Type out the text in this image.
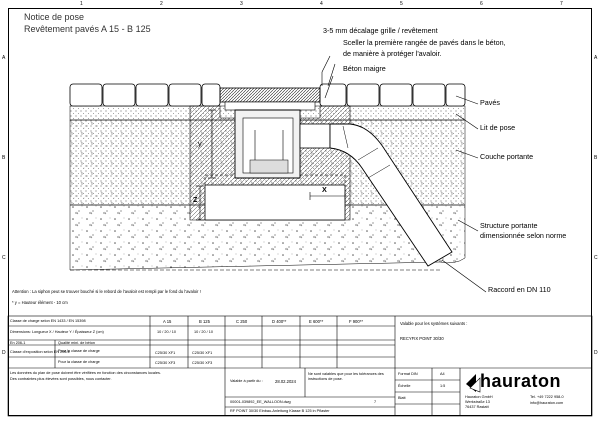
1	2	3	4	5	6	7
A
B
C
D
A
B
C
D
Notice de pose
Revêtement pavés A 15 - B 125	3-5 mm décalage grille / revêtement
Sceller la première rangée de pavés dans le béton,
de manière à protéger l'avaloir.
Béton maigre
Pavés
Lit de pose
Couche portante
Structure portante
dimensionnée selon norme
Raccord en DN 110
y
Z
X
Attention : La siphon peut se trouver bouché si le rebord de l'avaloir est rempli par le fond du l'avaloir !
* y = Hauteur élément - 10 cm
Classe de charge selon EN 1433 / EN 15398	A 15	B 125	C 250	D 400**	E 600**	F 900**
Dimensions: Longueur X / Hauteur Y / Épaisseur Z (cm)	10 / 20 / 10	10 / 20 / 10
En 206-1	Qualité mini. de béton
Classe d'exposition selon EN 206-1
Pour la classe de charge	C25/30 XF1	C25/30 XF1
Pour la classe de charge	C25/30 XF3	C25/30 XF3
Valable pour les systèmes suivants :
RECYFIX POINT 30/30
Les données du plan de pose doivent être vérifiées en fonction des circonstances locales.
Des contraintes plus élevées sont possibles, nous contacter.	Valable à partir du :	28.02.2024
Ne sont valables que pour les tolérances des instructions de pose.
00001-039892_EE_WALLOON.dwg	7
RF POINT 30/30 Einbau-Anleitung Klasse B 125 in Pflaster
Format DIN	A4
Échelle	1:5
Blatt
hauraton
Hauraton GmbH
Werkstraße 13
76437 Rastatt
Tel. +49 7222 958-0
info@hauraton.com
